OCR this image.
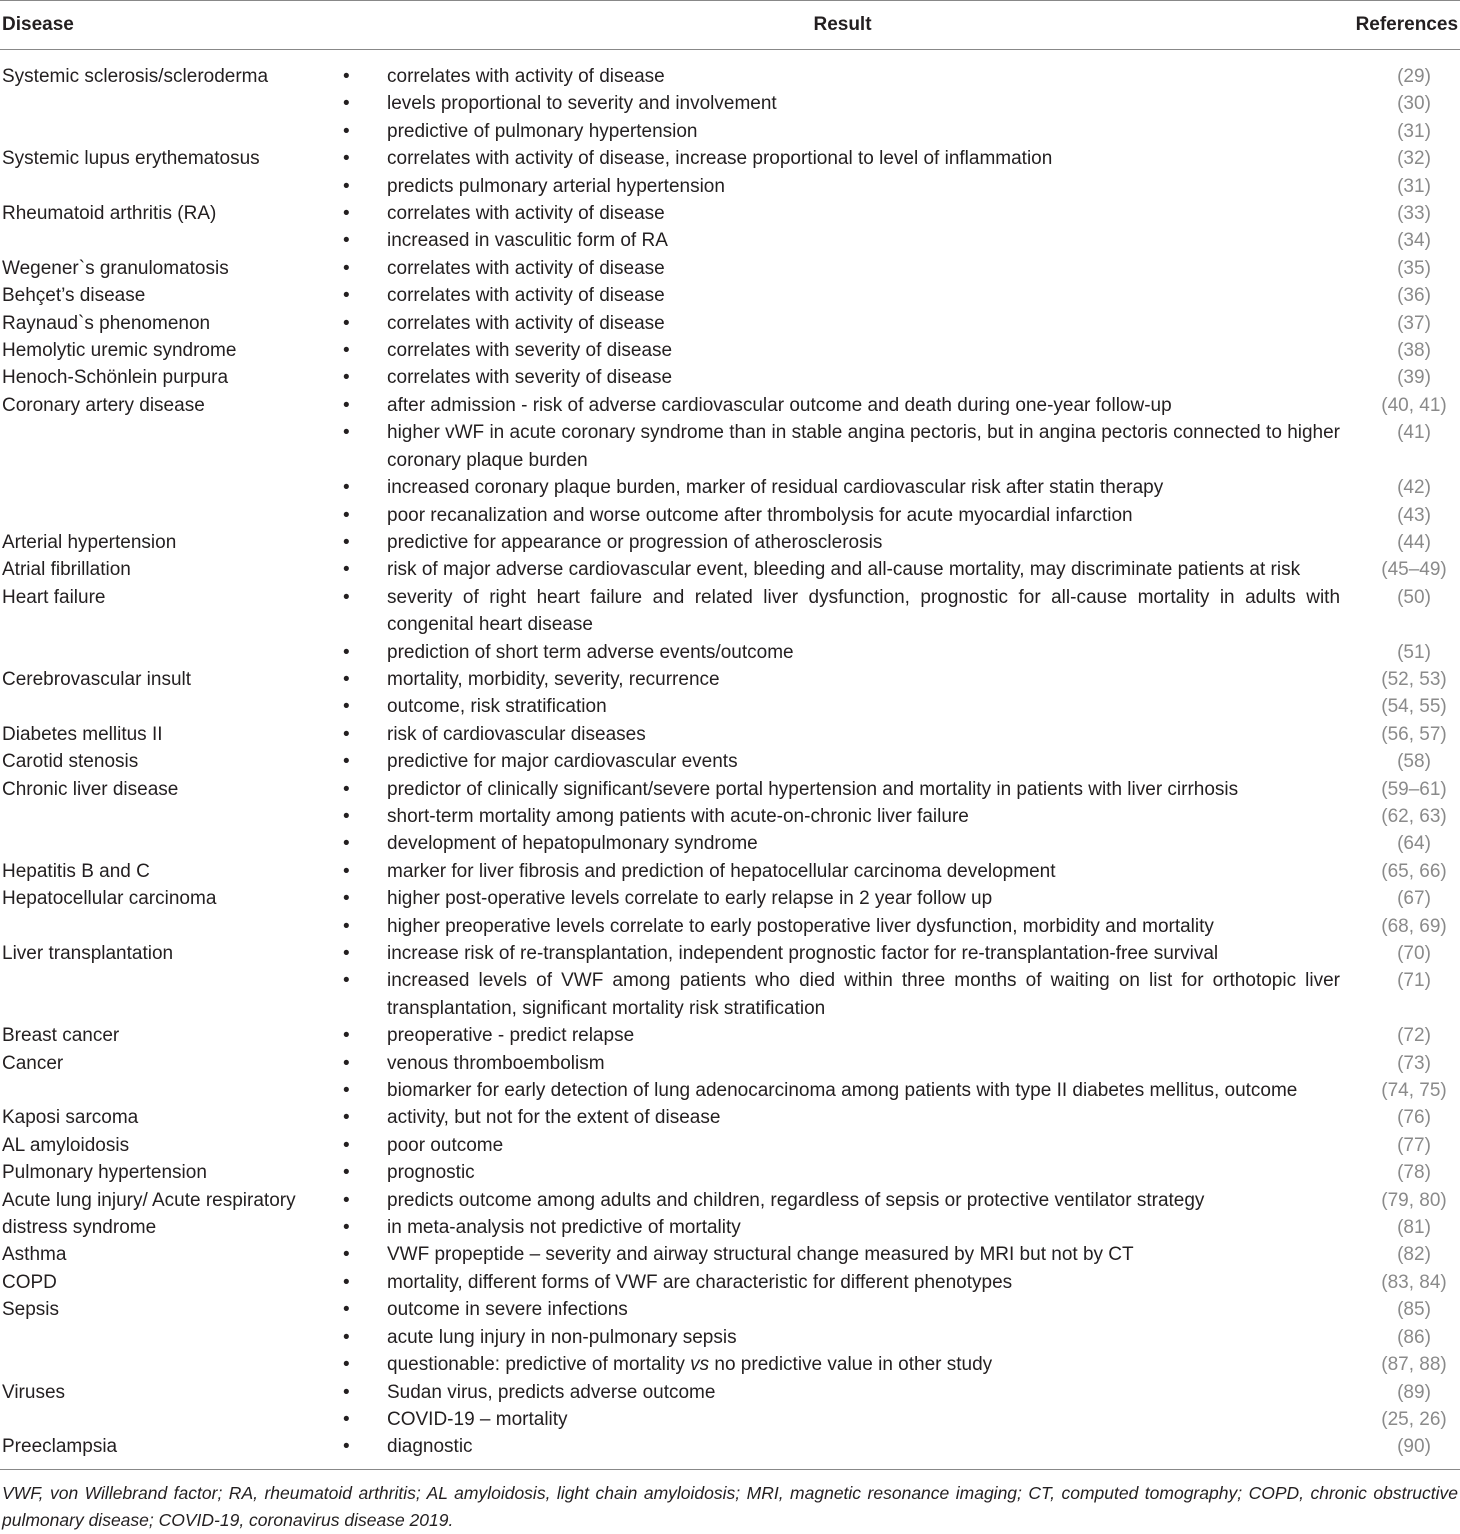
Disease	Result		References
Systemic sclerosis/scleroderma	•	correlates with activity of disease	(29)
	•	levels proportional to severity and involvement	(30)
	•	predictive of pulmonary hypertension	(31)
Systemic lupus erythematosus	•	correlates with activity of disease, increase proportional to level of inflammation	(32)
	•	predicts pulmonary arterial hypertension	(31)
Rheumatoid arthritis (RA)	•	correlates with activity of disease	(33)
	•	increased in vasculitic form of RA	(34)
Wegener`s granulomatosis	•	correlates with activity of disease	(35)
Behçet’s disease	•	correlates with activity of disease	(36)
Raynaud`s phenomenon	•	correlates with activity of disease	(37)
Hemolytic uremic syndrome	•	correlates with severity of disease	(38)
Henoch-Schönlein purpura	•	correlates with severity of disease	(39)
Coronary artery disease	•	after admission - risk of adverse cardiovascular outcome and death during one-year follow-up	(40, 41)
	•	higher vWF in acute coronary syndrome than in stable angina pectoris, but in angina pectoris connected to higher coronary plaque burden	(41)
	•	increased coronary plaque burden, marker of residual cardiovascular risk after statin therapy	(42)
	•	poor recanalization and worse outcome after thrombolysis for acute myocardial infarction	(43)
Arterial hypertension	•	predictive for appearance or progression of atherosclerosis	(44)
Atrial fibrillation	•	risk of major adverse cardiovascular event, bleeding and all-cause mortality, may discriminate patients at risk	(45–49)
Heart failure	•	severity of right heart failure and related liver dysfunction, prognostic for all-cause mortality in adults with congenital heart disease	(50)
	•	prediction of short term adverse events/outcome	(51)
Cerebrovascular insult	•	mortality, morbidity, severity, recurrence	(52, 53)
	•	outcome, risk stratification	(54, 55)
Diabetes mellitus II	•	risk of cardiovascular diseases	(56, 57)
Carotid stenosis	•	predictive for major cardiovascular events	(58)
Chronic liver disease	•	predictor of clinically significant/severe portal hypertension and mortality in patients with liver cirrhosis	(59–61)
	•	short-term mortality among patients with acute-on-chronic liver failure	(62, 63)
	•	development of hepatopulmonary syndrome	(64)
Hepatitis B and C	•	marker for liver fibrosis and prediction of hepatocellular carcinoma development	(65, 66)
Hepatocellular carcinoma	•	higher post-operative levels correlate to early relapse in 2 year follow up	(67)
	•	higher preoperative levels correlate to early postoperative liver dysfunction, morbidity and mortality	(68, 69)
Liver transplantation	•	increase risk of re-transplantation, independent prognostic factor for re-transplantation-free survival	(70)
	•	increased levels of VWF among patients who died within three months of waiting on list for orthotopic liver transplantation, significant mortality risk stratification	(71)
Breast cancer	•	preoperative - predict relapse	(72)
Cancer	•	venous thromboembolism	(73)
	•	biomarker for early detection of lung adenocarcinoma among patients with type II diabetes mellitus, outcome	(74, 75)
Kaposi sarcoma	•	activity, but not for the extent of disease	(76)
AL amyloidosis	•	poor outcome	(77)
Pulmonary hypertension	•	prognostic	(78)
Acute lung injury/ Acute respiratory	•	predicts outcome among adults and children, regardless of sepsis or protective ventilator strategy	(79, 80)
distress syndrome	•	in meta-analysis not predictive of mortality	(81)
Asthma	•	VWF propeptide – severity and airway structural change measured by MRI but not by CT	(82)
COPD	•	mortality, different forms of VWF are characteristic for different phenotypes	(83, 84)
Sepsis	•	outcome in severe infections	(85)
	•	acute lung injury in non-pulmonary sepsis	(86)
	•	questionable: predictive of mortality vs no predictive value in other study	(87, 88)
Viruses	•	Sudan virus, predicts adverse outcome	(89)
	•	COVID-19 – mortality	(25, 26)
Preeclampsia	•	diagnostic	(90)
VWF, von Willebrand factor; RA, rheumatoid arthritis; AL amyloidosis, light chain amyloidosis; MRI, magnetic resonance imaging; CT, computed tomography; COPD, chronic obstructive pulmonary disease; COVID-19, coronavirus disease 2019.
